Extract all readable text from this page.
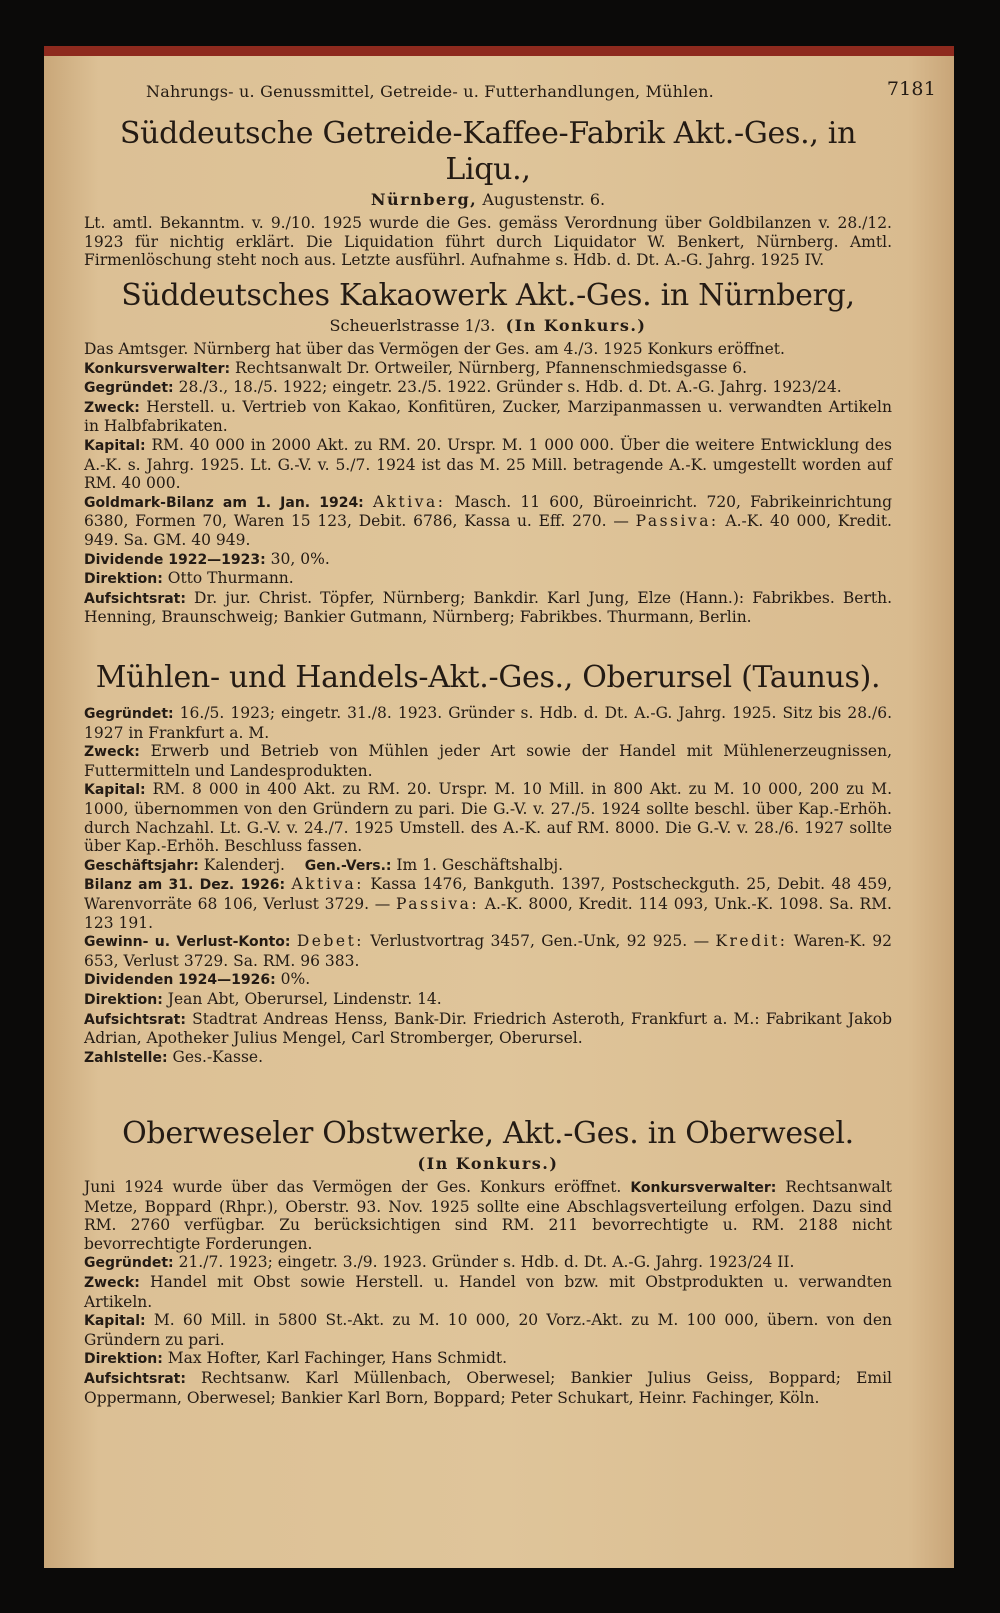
Nahrungs- u. Genussmittel, Getreide- u. Futterhandlungen, Mühlen.	7181
Süddeutsche Getreide-Kaffee-Fabrik Akt.-Ges., in Liqu.,
Nürnberg, Augustenstr. 6.

Lt. amtl. Bekanntm. v. 9./10. 1925 wurde die Ges. gemäss Verordnung über Goldbilanzen v. 28./12. 1923 für nichtig erklärt. Die Liquidation führt durch Liquidator W. Benkert, Nürnberg. Amtl. Firmenlöschung steht noch aus. Letzte ausführl. Aufnahme s. Hdb. d. Dt. A.-G. Jahrg. 1925 IV.

Süddeutsches Kakaowerk Akt.-Ges. in Nürnberg,
Scheuerlstrasse 1/3. (In Konkurs.)

Das Amtsger. Nürnberg hat über das Vermögen der Ges. am 4./3. 1925 Konkurs eröffnet.

Konkursverwalter: Rechtsanwalt Dr. Ortweiler, Nürnberg, Pfannenschmiedsgasse 6.

Gegründet: 28./3., 18./5. 1922; eingetr. 23./5. 1922. Gründer s. Hdb. d. Dt. A.-G. Jahrg. 1923/24.

Zweck: Herstell. u. Vertrieb von Kakao, Konfitüren, Zucker, Marzipanmassen u. verwandten Artikeln in Halbfabrikaten.

Kapital: RM. 40 000 in 2000 Akt. zu RM. 20. Urspr. M. 1 000 000. Über die weitere Entwicklung des A.-K. s. Jahrg. 1925. Lt. G.-V. v. 5./7. 1924 ist das M. 25 Mill. betragende A.-K. umgestellt worden auf RM. 40 000.

Goldmark-Bilanz am 1. Jan. 1924: Aktiva: Masch. 11 600, Büroeinricht. 720, Fabrikeinrichtung 6380, Formen 70, Waren 15 123, Debit. 6786, Kassa u. Eff. 270. — Passiva: A.-K. 40 000, Kredit. 949. Sa. GM. 40 949.

Dividende 1922—1923: 30, 0%.

Direktion: Otto Thurmann.

Aufsichtsrat: Dr. jur. Christ. Töpfer, Nürnberg; Bankdir. Karl Jung, Elze (Hann.): Fabrikbes. Berth. Henning, Braunschweig; Bankier Gutmann, Nürnberg; Fabrikbes. Thurmann, Berlin.

Mühlen- und Handels-Akt.-Ges., Oberursel (Taunus).

Gegründet: 16./5. 1923; eingetr. 31./8. 1923. Gründer s. Hdb. d. Dt. A.-G. Jahrg. 1925. Sitz bis 28./6. 1927 in Frankfurt a. M.

Zweck: Erwerb und Betrieb von Mühlen jeder Art sowie der Handel mit Mühlenerzeugnissen, Futtermitteln und Landesprodukten.

Kapital: RM. 8 000 in 400 Akt. zu RM. 20. Urspr. M. 10 Mill. in 800 Akt. zu M. 10 000, 200 zu M. 1000, übernommen von den Gründern zu pari. Die G.-V. v. 27./5. 1924 sollte beschl. über Kap.-Erhöh. durch Nachzahl. Lt. G.-V. v. 24./7. 1925 Umstell. des A.-K. auf RM. 8000. Die G.-V. v. 28./6. 1927 sollte über Kap.-Erhöh. Beschluss fassen.

Geschäftsjahr: Kalenderj. Gen.-Vers.: Im 1. Geschäftshalbj.

Bilanz am 31. Dez. 1926: Aktiva: Kassa 1476, Bankguth. 1397, Postscheckguth. 25, Debit. 48 459, Warenvorräte 68 106, Verlust 3729. — Passiva: A.-K. 8000, Kredit. 114 093, Unk.-K. 1098. Sa. RM. 123 191.

Gewinn- u. Verlust-Konto: Debet: Verlustvortrag 3457, Gen.-Unk, 92 925. — Kredit: Waren-K. 92 653, Verlust 3729. Sa. RM. 96 383.

Dividenden 1924—1926: 0%.

Direktion: Jean Abt, Oberursel, Lindenstr. 14.

Aufsichtsrat: Stadtrat Andreas Henss, Bank-Dir. Friedrich Asteroth, Frankfurt a. M.: Fabrikant Jakob Adrian, Apotheker Julius Mengel, Carl Stromberger, Oberursel.

Zahlstelle: Ges.-Kasse.

Oberweseler Obstwerke, Akt.-Ges. in Oberwesel.
(In Konkurs.)

Juni 1924 wurde über das Vermögen der Ges. Konkurs eröffnet. Konkursverwalter: Rechtsanwalt Metze, Boppard (Rhpr.), Oberstr. 93. Nov. 1925 sollte eine Abschlagsverteilung erfolgen. Dazu sind RM. 2760 verfügbar. Zu berücksichtigen sind RM. 211 bevorrechtigte u. RM. 2188 nicht bevorrechtigte Forderungen.

Gegründet: 21./7. 1923; eingetr. 3./9. 1923. Gründer s. Hdb. d. Dt. A.-G. Jahrg. 1923/24 II.

Zweck: Handel mit Obst sowie Herstell. u. Handel von bzw. mit Obstprodukten u. verwandten Artikeln.

Kapital: M. 60 Mill. in 5800 St.-Akt. zu M. 10 000, 20 Vorz.-Akt. zu M. 100 000, übern. von den Gründern zu pari.

Direktion: Max Hofter, Karl Fachinger, Hans Schmidt.

Aufsichtsrat: Rechtsanw. Karl Müllenbach, Oberwesel; Bankier Julius Geiss, Boppard; Emil Oppermann, Oberwesel; Bankier Karl Born, Boppard; Peter Schukart, Heinr. Fachinger, Köln.
